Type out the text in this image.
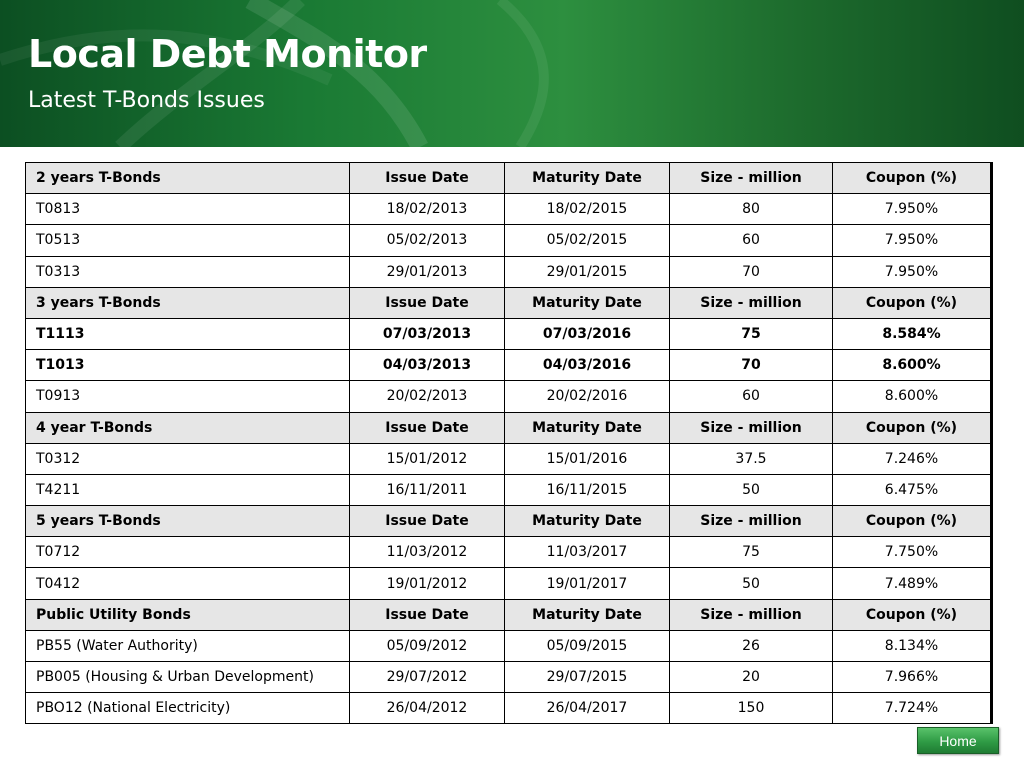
Local Debt Monitor
Latest T-Bonds Issues
2 years T-Bonds	Issue Date	Maturity Date	Size - million	Coupon (%)
T0813	18/02/2013	18/02/2015	80	7.950%
T0513	05/02/2013	05/02/2015	60	7.950%
T0313	29/01/2013	29/01/2015	70	7.950%
3 years T-Bonds	Issue Date	Maturity Date	Size - million	Coupon (%)
T1113	07/03/2013	07/03/2016	75	8.584%
T1013	04/03/2013	04/03/2016	70	8.600%
T0913	20/02/2013	20/02/2016	60	8.600%
4 year T-Bonds	Issue Date	Maturity Date	Size - million	Coupon (%)
T0312	15/01/2012	15/01/2016	37.5	7.246%
T4211	16/11/2011	16/11/2015	50	6.475%
5 years T-Bonds	Issue Date	Maturity Date	Size - million	Coupon (%)
T0712	11/03/2012	11/03/2017	75	7.750%
T0412	19/01/2012	19/01/2017	50	7.489%
Public Utility Bonds	Issue Date	Maturity Date	Size - million	Coupon (%)
PB55 (Water Authority)	05/09/2012	05/09/2015	26	8.134%
PB005 (Housing & Urban Development)	29/07/2012	29/07/2015	20	7.966%
PBO12 (National Electricity)	26/04/2012	26/04/2017	150	7.724%
Home
